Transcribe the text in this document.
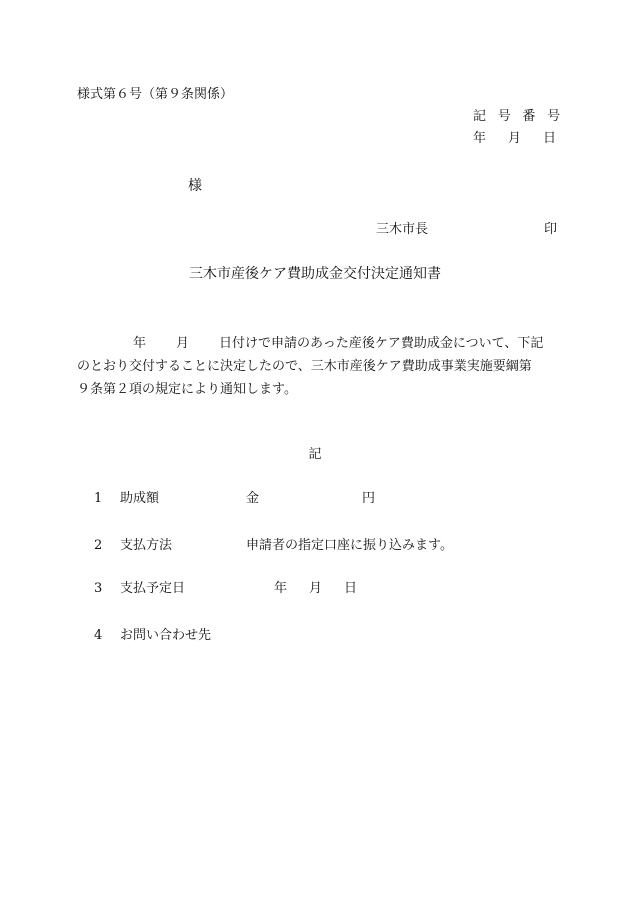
様式第６号（第９条関係）
記号番号
年 月 日
様
三木市長	印
三木市産後ケア費助成金交付決定通知書
年 月 日付けで申請のあった産後ケア費助成金について、下記
のとおり交付することに決定したので、三木市産後ケア費助成事業実施要綱第
９条第２項の規定により通知します。
記
1 助成額	金	円
2 支払方法	申請者の指定口座に振り込みます。
3 支払予定日	年 月 日
4 お問い合わせ先
